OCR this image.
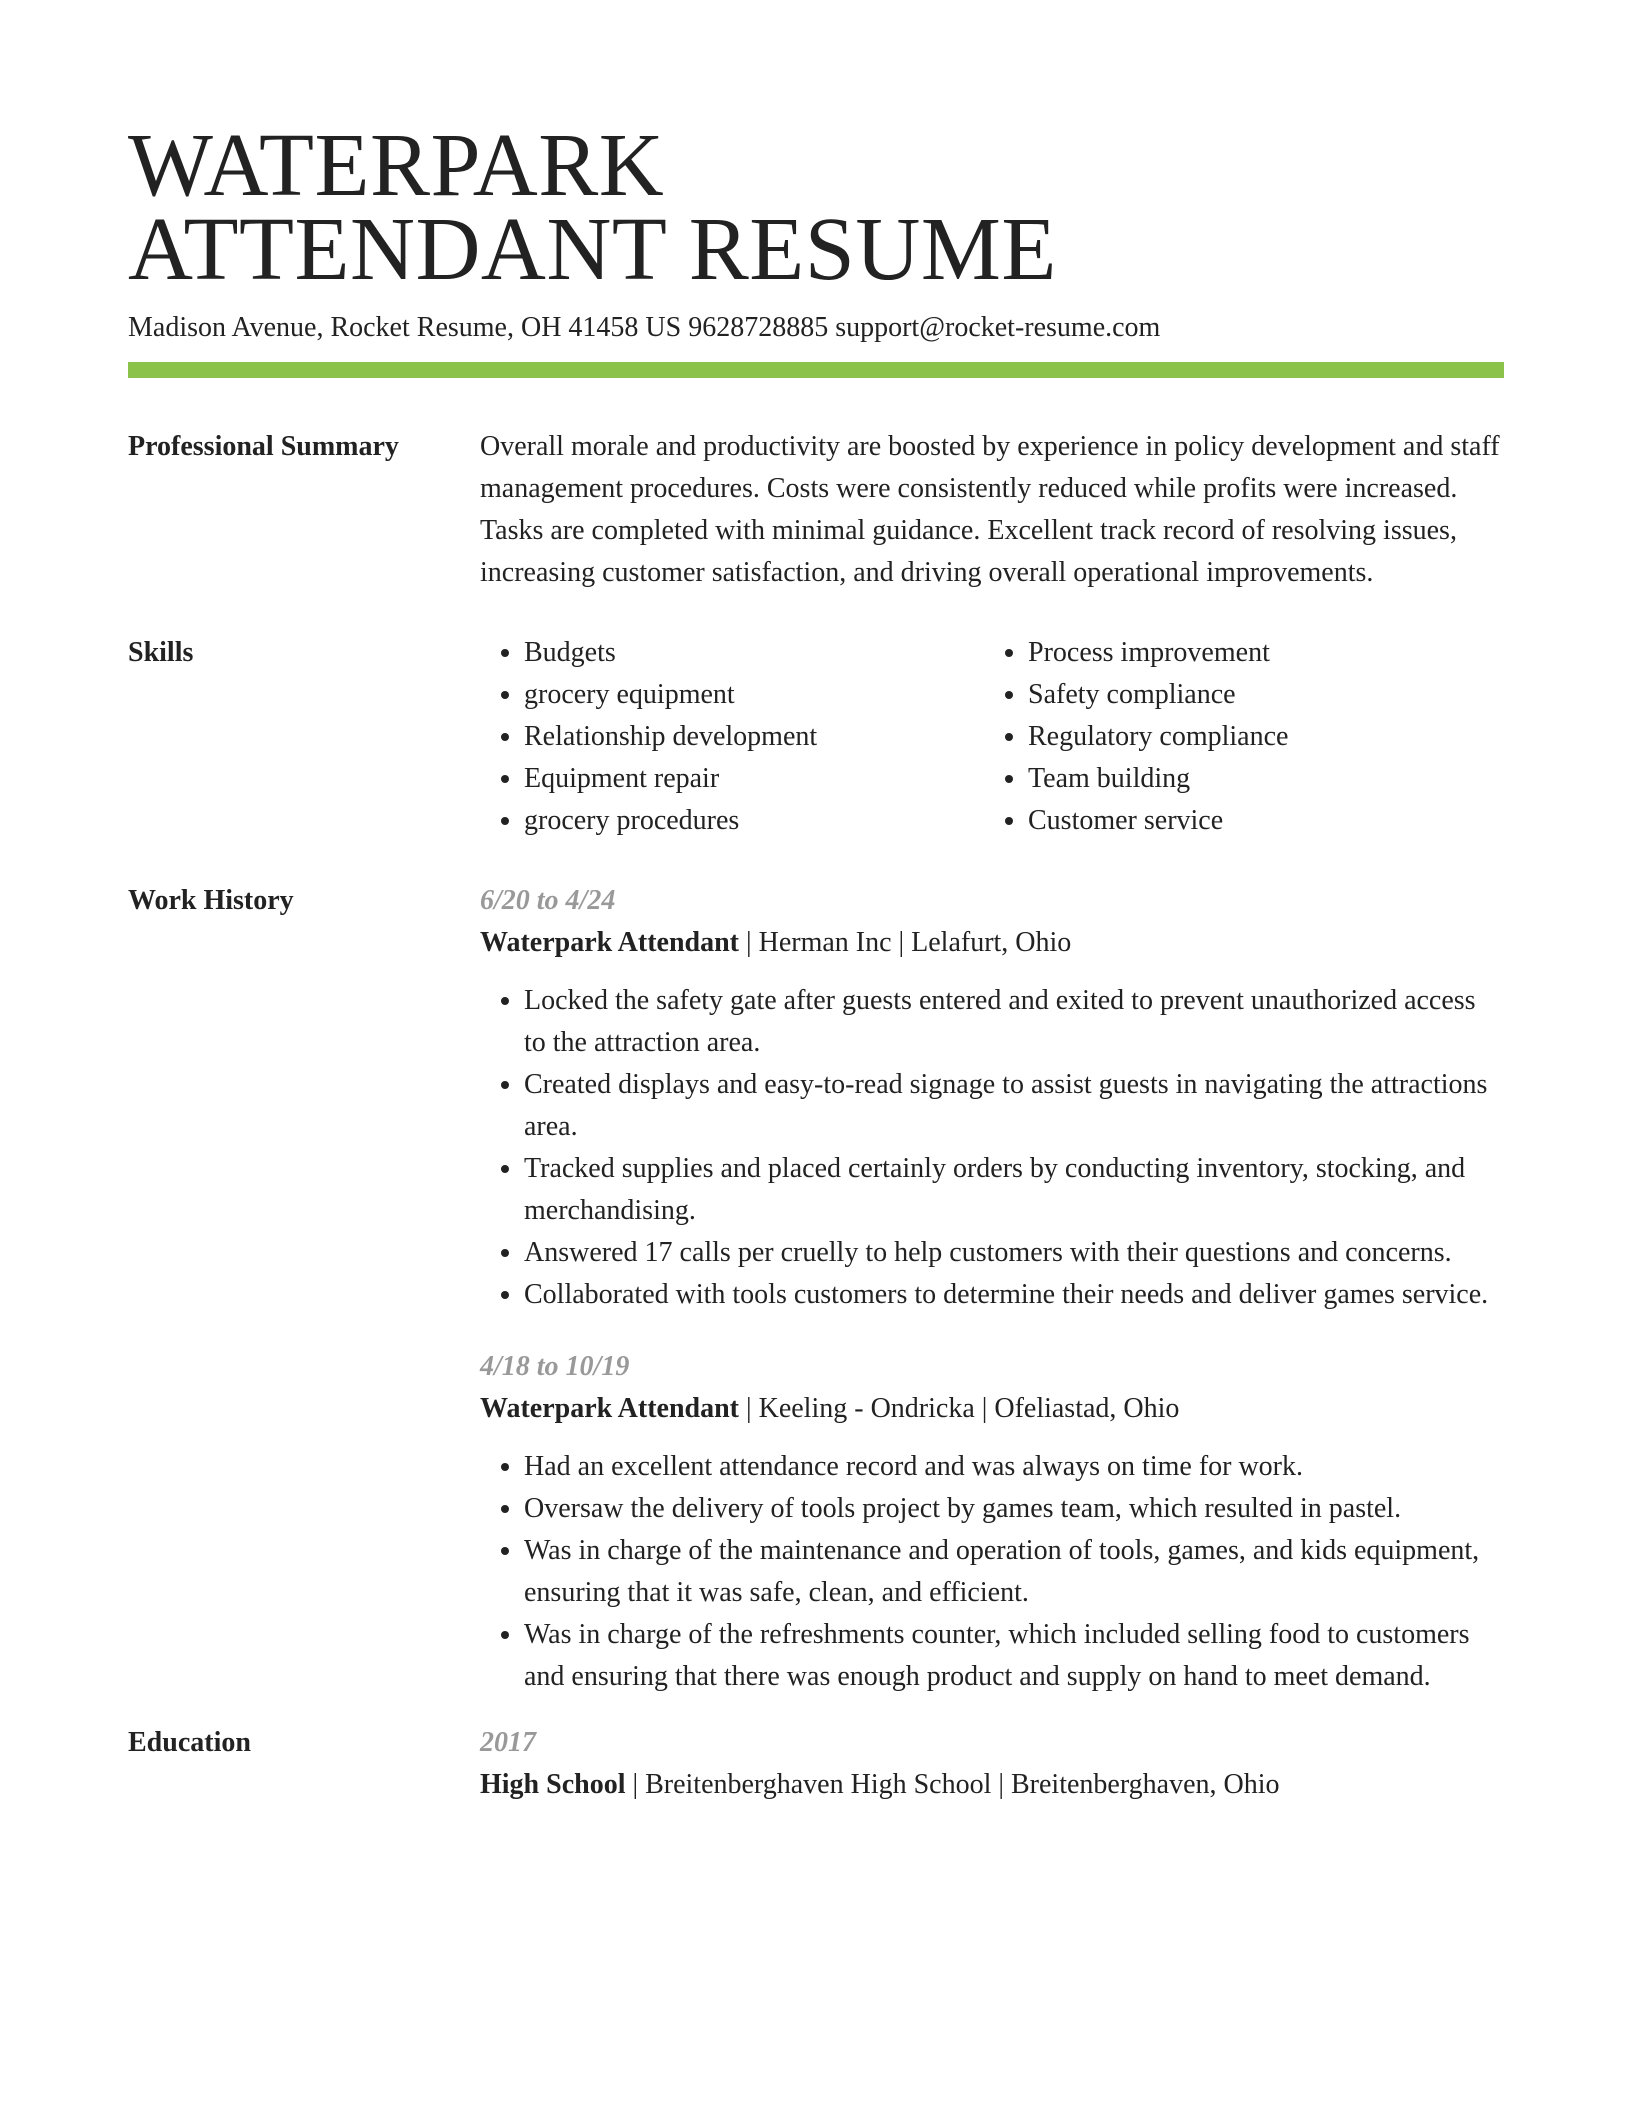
WATERPARK
ATTENDANT RESUME
Madison Avenue, Rocket Resume, OH 41458 US 9628728885 support@rocket-resume.com
Professional Summary	Overall morale and productivity are boosted by experience in policy development and staff management procedures. Costs were consistently reduced while profits were increased. Tasks are completed with minimal guidance. Excellent track record of resolving issues, increasing customer satisfaction, and driving overall operational improvements.
Skills
•	Budgets
• grocery equipment
• Relationship development
• Equipment repair
• grocery procedures
• Process improvement
• Safety compliance
• Regulatory compliance
• Team building
• Customer service
Work History	6/20 to 4/24
Waterpark Attendant | Herman Inc | Lelafurt, Ohio
• Locked the safety gate after guests entered and exited to prevent unauthorized access to the attraction area.
• Created displays and easy-to-read signage to assist guests in navigating the attractions area.
• Tracked supplies and placed certainly orders by conducting inventory, stocking, and merchandising.
• Answered 17 calls per cruelly to help customers with their questions and concerns.
• Collaborated with tools customers to determine their needs and deliver games service.
4/18 to 10/19
Waterpark Attendant | Keeling - Ondricka | Ofeliastad, Ohio
• Had an excellent attendance record and was always on time for work.
• Oversaw the delivery of tools project by games team, which resulted in pastel.
• Was in charge of the maintenance and operation of tools, games, and kids equipment, ensuring that it was safe, clean, and efficient.
• Was in charge of the refreshments counter, which included selling food to customers and ensuring that there was enough product and supply on hand to meet demand.
Education	2017
High School | Breitenberghaven High School | Breitenberghaven, Ohio
